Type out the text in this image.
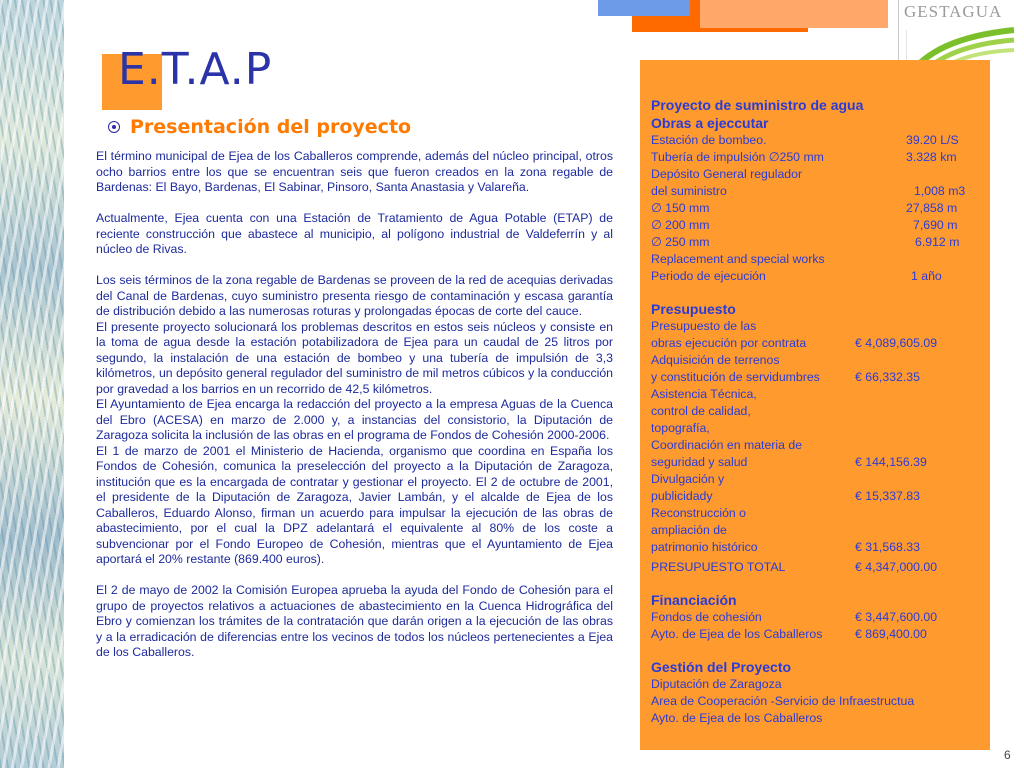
GESTAGUA
E.T.A.P
Presentación del proyecto

El término municipal de Ejea de los Caballeros comprende, además del núcleo principal, otros ocho barrios entre los que se encuentran seis que fueron creados en la zona regable de Bardenas: El Bayo, Bardenas, El Sabinar, Pinsoro, Santa Anastasia y Valareña.

Actualmente, Ejea cuenta con una Estación de Tratamiento de Agua Potable (ETAP) de reciente construcción que abastece al municipio, al polígono industrial de Valdeferrín y al núcleo de Rivas.

Los seis términos de la zona regable de Bardenas se proveen de la red de acequias derivadas del Canal de Bardenas, cuyo suministro presenta riesgo de contaminación y escasa garantía de distribución debido a las numerosas roturas y prolongadas épocas de corte del cauce.

El presente proyecto solucionará los problemas descritos en estos seis núcleos y consiste en la toma de agua desde la estación potabilizadora de Ejea para un caudal de 25 litros por segundo, la instalación de una estación de bombeo y una tubería de impulsión de 3,3 kilómetros, un depósito general regulador del suministro de mil metros cúbicos y la conducción por gravedad a los barrios en un recorrido de 42,5 kilómetros.

El Ayuntamiento de Ejea encarga la redacción del proyecto a la empresa Aguas de la Cuenca del Ebro (ACESA) en marzo de 2.000 y, a instancias del consistorio, la Diputación de Zaragoza solicita la inclusión de las obras en el programa de Fondos de Cohesión 2000-2006.

El 1 de marzo de 2001 el Ministerio de Hacienda, organismo que coordina en España los Fondos de Cohesión, comunica la preselección del proyecto a la Diputación de Zaragoza, institución que es la encargada de contratar y gestionar el proyecto. El 2 de octubre de 2001, el presidente de la Diputación de Zaragoza, Javier Lambán, y el alcalde de Ejea de los Caballeros, Eduardo Alonso, firman un acuerdo para impulsar la ejecución de las obras de abastecimiento, por el cual la DPZ adelantará el equivalente al 80% de los coste a subvencionar por el Fondo Europeo de Cohesión, mientras que el Ayuntamiento de Ejea aportará el 20% restante (869.400 euros).

El 2 de mayo de 2002 la Comisión Europea aprueba la ayuda del Fondo de Cohesión para el grupo de proyectos relativos a actuaciones de abastecimiento en la Cuenca Hidrográfica del Ebro y comienzan los trámites de la contratación que darán origen a la ejecución de las obras y a la erradicación de diferencias entre los vecinos de todos los núcleos pertenecientes a Ejea de los Caballeros.

Proyecto de suministro de agua
Obras a ejeccutar
Estación de bombeo.	39.20 L/S
Tubería de impulsión ∅250 mm	3.328 km
Depósito General regulador
del suministro	1,008 m3
∅ 150 mm	27,858 m
∅ 200 mm	7,690 m
∅ 250 mm	6.912 m
Replacement and special works
Periodo de ejecución	1 año
Presupuesto
Presupuesto de las
obras ejecución por contrata	€ 4,089,605.09
Adquisición de terrenos
y constitución de servidumbres	€ 66,332.35
Asistencia Técnica,
control de calidad,
topografía,
Coordinación en materia de
seguridad y salud	€ 144,156.39
Divulgación y
publicidady	€ 15,337.83
Reconstrucción o
ampliación de
patrimonio histórico	€ 31,568.33
PRESUPUESTO TOTAL	€ 4,347,000.00
Financiación
Fondos de cohesión	€ 3,447,600.00
Ayto. de Ejea de los Caballeros	€ 869,400.00
Gestión del Proyecto
Diputación de Zaragoza
Area de Cooperación -Servicio de Infraestructua
Ayto. de Ejea de los Caballeros
6
